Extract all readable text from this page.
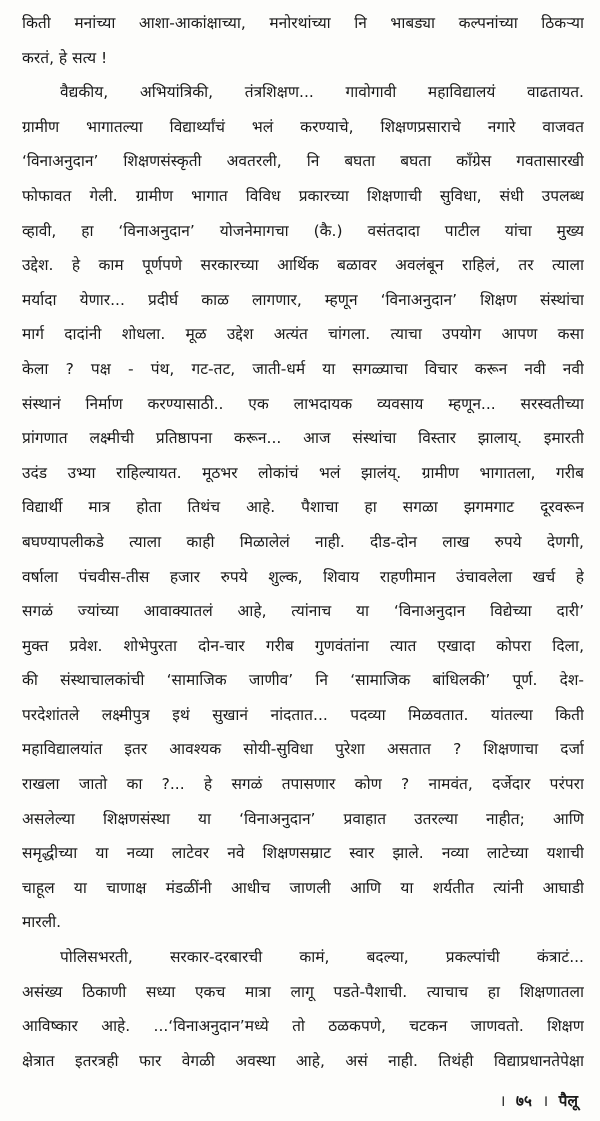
किती मनांच्या आशा-आकांक्षाच्या, मनोरथांच्या नि भाबड्या कल्पनांच्या ठिकऱ्या
करतं, हे सत्य !
वैद्यकीय, अभियांत्रिकी, तंत्रशिक्षण... गावोगावी महाविद्यालयं वाढतायत.
ग्रामीण भागातल्या विद्यार्थ्यांचं भलं करण्याचे, शिक्षणप्रसाराचे नगारे वाजवत
‘विनाअनुदान’ शिक्षणसंस्कृती अवतरली, नि बघता बघता काँग्रेस गवतासारखी
फोफावत गेली. ग्रामीण भागात विविध प्रकारच्या शिक्षणाची सुविधा, संधी उपलब्ध
व्हावी, हा ‘विनाअनुदान’ योजनेमागचा (कै.) वसंतदादा पाटील यांचा मुख्य
उद्देश. हे काम पूर्णपणे सरकारच्या आर्थिक बळावर अवलंबून राहिलं, तर त्याला
मर्यादा येणार... प्रदीर्घ काळ लागणार, म्हणून ‘विनाअनुदान’ शिक्षण संस्थांचा
मार्ग दादांनी शोधला. मूळ उद्देश अत्यंत चांगला. त्याचा उपयोग आपण कसा
केला ? पक्ष - पंथ, गट-तट, जाती-धर्म या सगळ्याचा विचार करून नवी नवी
संस्थानं निर्माण करण्यासाठी.. एक लाभदायक व्यवसाय म्हणून... सरस्वतीच्या
प्रांगणात लक्ष्मीची प्रतिष्ठापना करून... आज संस्थांचा विस्तार झालाय्. इमारती
उदंड उभ्या राहिल्यायत. मूठभर लोकांचं भलं झालंय्. ग्रामीण भागातला, गरीब
विद्यार्थी मात्र होता तिथंच आहे. पैशाचा हा सगळा झगमगाट दूरवरून
बघण्यापलीकडे त्याला काही मिळालेलं नाही. दीड-दोन लाख रुपये देणगी,
वर्षाला पंचवीस-तीस हजार रुपये शुल्क, शिवाय राहणीमान उंचावलेला खर्च हे
सगळं ज्यांच्या आवाक्यातलं आहे, त्यांनाच या ‘विनाअनुदान विद्येच्या दारी’
मुक्त प्रवेश. शोभेपुरता दोन-चार गरीब गुणवंतांना त्यात एखादा कोपरा दिला,
की संस्थाचालकांची ‘सामाजिक जाणीव’ नि ‘सामाजिक बांधिलकी’ पूर्ण. देश-
परदेशांतले लक्ष्मीपुत्र इथं सुखानं नांदतात... पदव्या मिळवतात. यांतल्या किती
महाविद्यालयांत इतर आवश्यक सोयी-सुविधा पुरेशा असतात ? शिक्षणाचा दर्जा
राखला जातो का ?... हे सगळं तपासणार कोण ? नामवंत, दर्जेदार परंपरा
असलेल्या शिक्षणसंस्था या ‘विनाअनुदान’ प्रवाहात उतरल्या नाहीत; आणि
समृद्धीच्या या नव्या लाटेवर नवे शिक्षणसम्राट स्वार झाले. नव्या लाटेच्या यशाची
चाहूल या चाणाक्ष मंडळींनी आधीच जाणली आणि या शर्यतीत त्यांनी आघाडी
मारली.
पोलिसभरती, सरकार-दरबारची कामं, बदल्या, प्रकल्पांची कंत्राटं...
असंख्य ठिकाणी सध्या एकच मात्रा लागू पडते-पैशाची. त्याचाच हा शिक्षणातला
आविष्कार आहे. ...‘विनाअनुदान’मध्ये तो ठळकपणे, चटकन जाणवतो. शिक्षण
क्षेत्रात इतरत्रही फार वेगळी अवस्था आहे, असं नाही. तिथंही विद्याप्रधानतेपेक्षा
। ७५ । पैलू
